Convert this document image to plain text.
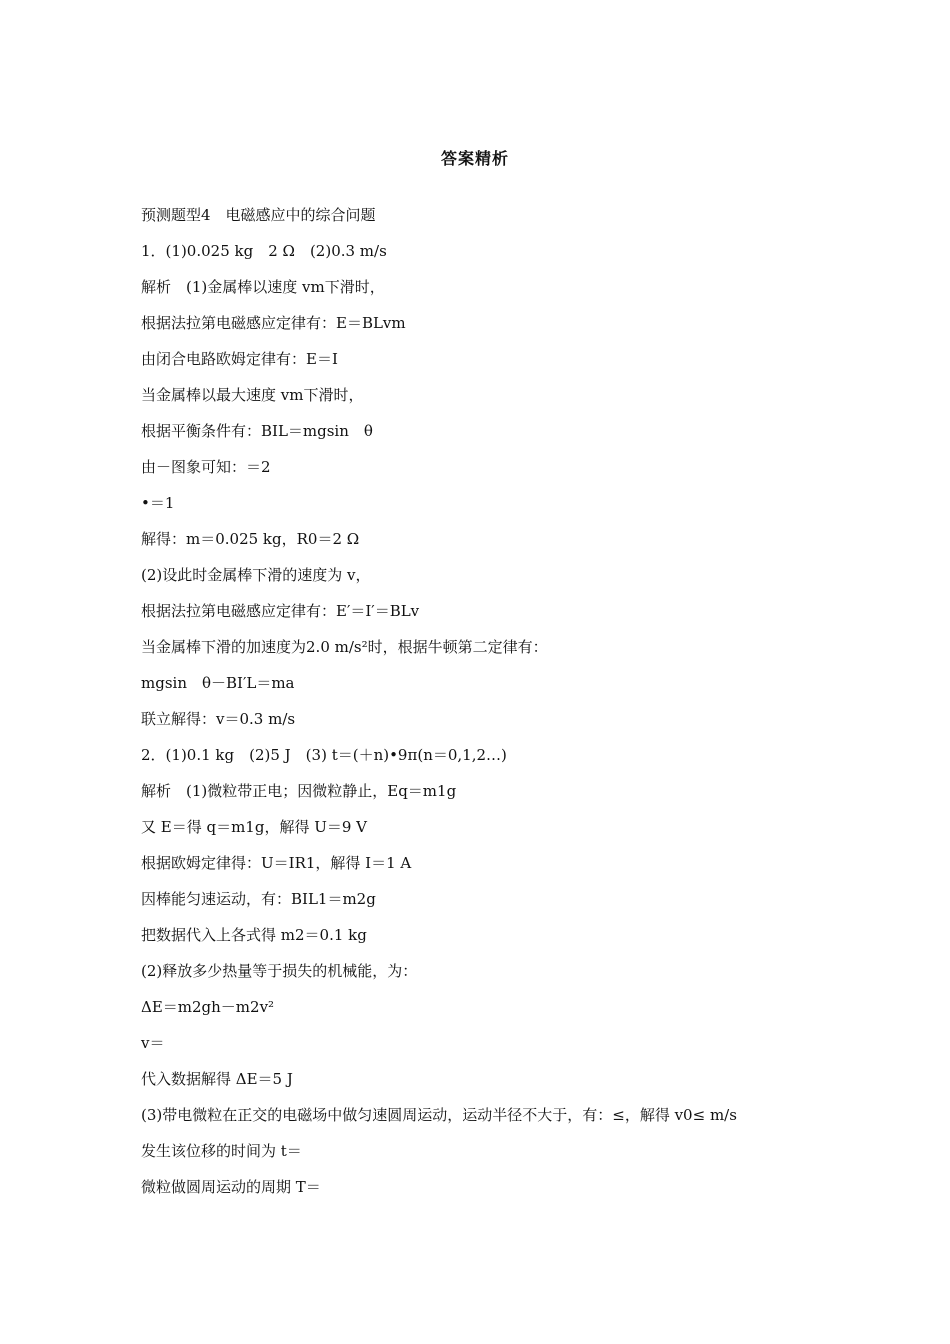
答案精析
预测题型4　电磁感应中的综合问题
1．(1)0.025 kg　2 Ω　(2)0.3 m/s
解析　(1)金属棒以速度 vm下滑时，
根据法拉第电磁感应定律有：E＝BLvm
由闭合电路欧姆定律有：E＝I
当金属棒以最大速度 vm下滑时，
根据平衡条件有：BIL＝mgsin　θ
由－图象可知：＝2
•＝1
解得：m＝0.025 kg，R0＝2 Ω
(2)设此时金属棒下滑的速度为 v，
根据法拉第电磁感应定律有：E′＝I′＝BLv
当金属棒下滑的加速度为2.0 m/s²时，根据牛顿第二定律有：
mgsin　θ－BI′L＝ma
联立解得：v＝0.3 m/s
2．(1)0.1 kg　(2)5 J　(3) t＝(＋n)•9π(n＝0,1,2…)
解析　(1)微粒带正电；因微粒静止，Eq＝m1g
又 E＝得 q＝m1g，解得 U＝9 V
根据欧姆定律得：U＝IR1，解得 I＝1 A
因棒能匀速运动，有：BIL1＝m2g
把数据代入上各式得 m2＝0.1 kg
(2)释放多少热量等于损失的机械能，为：
ΔE＝m2gh－m2v²
v＝
代入数据解得 ΔE＝5 J
(3)带电微粒在正交的电磁场中做匀速圆周运动，运动半径不大于，有：≤，解得 v0≤ m/s
发生该位移的时间为 t＝
微粒做圆周运动的周期 T＝
